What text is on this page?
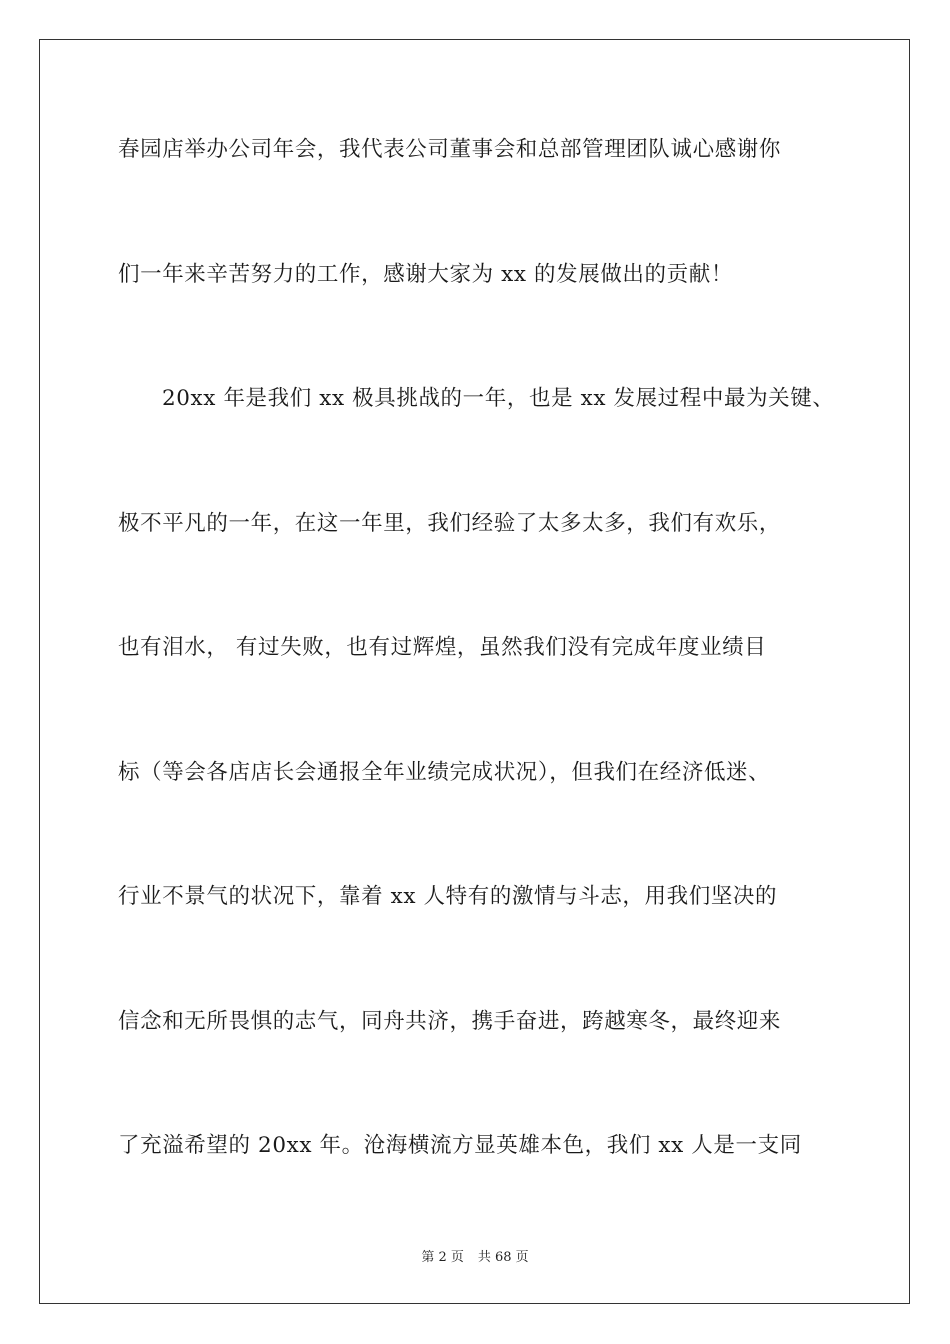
春园店举办公司年会，我代表公司董事会和总部管理团队诚心感谢你
们一年来辛苦努力的工作，感谢大家为 xx 的发展做出的贡献！
20xx 年是我们 xx 极具挑战的一年，也是 xx 发展过程中最为关键、
极不平凡的一年，在这一年里，我们经验了太多太多，我们有欢乐，
也有泪水， 有过失败，也有过辉煌，虽然我们没有完成年度业绩目
标（等会各店店长会通报全年业绩完成状况），但我们在经济低迷、
行业不景气的状况下，靠着 xx 人特有的激情与斗志，用我们坚决的
信念和无所畏惧的志气，同舟共济，携手奋进，跨越寒冬，最终迎来
了充溢希望的 20xx 年。沧海横流方显英雄本色，我们 xx 人是一支同
第 2 页 共 68 页
